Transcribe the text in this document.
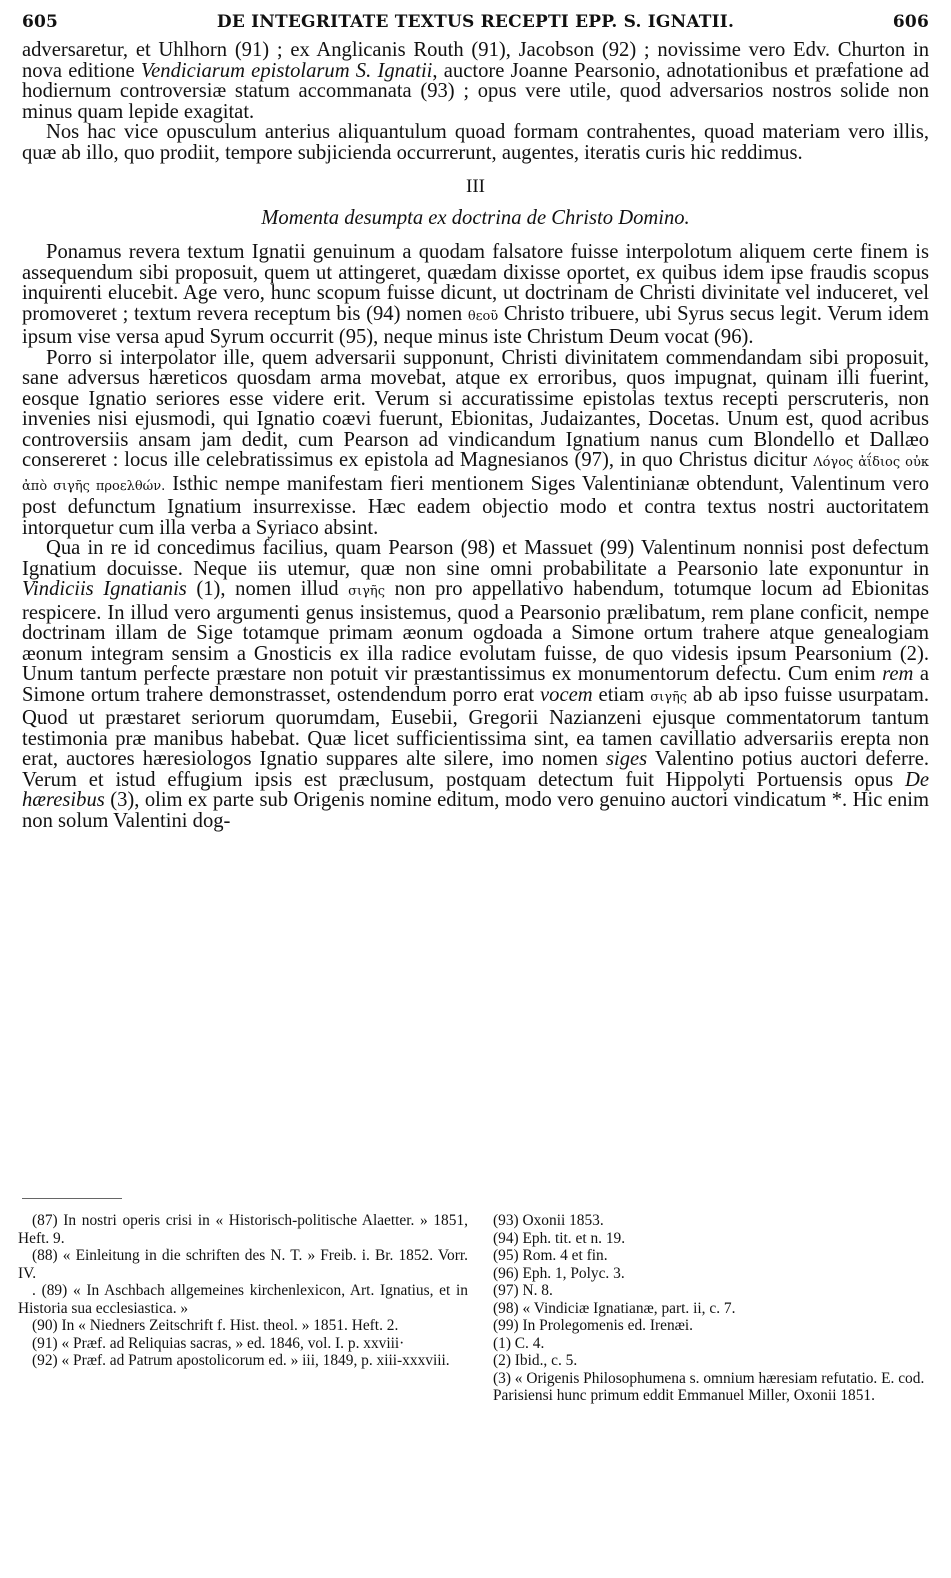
605	DE INTEGRITATE TEXTUS RECEPTI EPP. S. IGNATII.	606

adversaretur, et Uhlhorn (91) ; ex Anglicanis Routh (91), Jacobson (92) ; novissime vero Edv. Churton in nova editione Vendiciarum epistolarum S. Ignatii, auctore Joanne Pearsonio, adnotationibus et præfatione ad hodiernum controversiæ statum accommanata (93) ; opus vere utile, quod adversarios nostros solide non minus quam lepide exagitat.

Nos hac vice opusculum anterius aliquantulum quoad formam contrahentes, quoad materiam vero illis, quæ ab illo, quo prodiit, tempore subjicienda occurrerunt, augentes, iteratis curis hic reddimus.

III
Momenta desumpta ex doctrina de Christo Domino.

Ponamus revera textum Ignatii genuinum a quodam falsatore fuisse interpolotum aliquem certe finem is assequendum sibi proposuit, quem ut attingeret, quædam dixisse oportet, ex quibus idem ipse fraudis scopus inquirenti elucebit. Age vero, hunc scopum fuisse dicunt, ut doctrinam de Christi divinitate vel induceret, vel promoveret ; textum revera receptum bis (94) nomen θεοῦ Christo tribuere, ubi Syrus secus legit. Verum idem ipsum vise versa apud Syrum occurrit (95), neque minus iste Christum Deum vocat (96).

Porro si interpolator ille, quem adversarii supponunt, Christi divinitatem commendandam sibi proposuit, sane adversus hæreticos quosdam arma movebat, atque ex erroribus, quos impugnat, quinam illi fuerint, eosque Ignatio seriores esse videre erit. Verum si accuratissime epistolas textus recepti perscruteris, non invenies nisi ejusmodi, qui Ignatio coævi fuerunt, Ebionitas, Judaizantes, Docetas. Unum est, quod acribus controversiis ansam jam dedit, cum Pearson ad vindicandum Ignatium nanus cum Blondello et Dallæo consereret : locus ille celebratissimus ex epistola ad Magnesianos (97), in quo Christus dicitur Λόγος ἀΐδιος οὐκ ἀπὸ σιγῆς προελθών. Isthic nempe manifestam fieri mentionem Siges Valentinianæ obtendunt, Valentinum vero post defunctum Ignatium insurrexisse. Hæc eadem objectio modo et contra textus nostri auctoritatem intorquetur cum illa verba a Syriaco absint.

Qua in re id concedimus facilius, quam Pearson (98) et Massuet (99) Valentinum nonnisi post defectum Ignatium docuisse. Neque iis utemur, quæ non sine omni probabilitate a Pearsonio late exponuntur in Vindiciis Ignatianis (1), nomen illud σιγῆς non pro appellativo habendum, totumque locum ad Ebionitas respicere. In illud vero argumenti genus insistemus, quod a Pearsonio prælibatum, rem plane conficit, nempe doctrinam illam de Sige totamque primam æonum ogdoada a Simone ortum trahere atque genealogiam æonum integram sensim a Gnosticis ex illa radice evolutam fuisse, de quo videsis ipsum Pearsonium (2). Unum tantum perfecte præstare non potuit vir præstantissimus ex monumentorum defectu. Cum enim rem a Simone ortum trahere demonstrasset, ostendendum porro erat vocem etiam σιγῆς ab ab ipso fuisse usurpatam. Quod ut præstaret seriorum quorumdam, Eusebii, Gregorii Nazianzeni ejusque commentatorum tantum testimonia præ manibus habebat. Quæ licet sufficientissima sint, ea tamen cavillatio adversariis erepta non erat, auctores hæresiologos Ignatio suppares alte silere, imo nomen siges Valentino potius auctori deferre. Verum et istud effugium ipsis est præclusum, postquam detectum fuit Hippolyti Portuensis opus De hæresibus (3), olim ex parte sub Origenis nomine editum, modo vero genuino auctori vindicatum *. Hic enim non solum Valentini dog-

(87) In nostri operis crisi in « Historisch-politische Alaetter. » 1851, Heft. 9.

(88) « Einleitung in die schriften des N. T. » Freib. i. Br. 1852. Vorr. IV.

. (89) « In Aschbach allgemeines kirchenlexicon, Art. Ignatius, et in Historia sua ecclesiastica. »

(90) In « Niedners Zeitschrift f. Hist. theol. » 1851. Heft. 2.

(91) « Præf. ad Reliquias sacras, » ed. 1846, vol. I. p. xxviii·

(92) « Præf. ad Patrum apostolicorum ed. » iii, 1849, p. xiii-xxxviii.

(93) Oxonii 1853.

(94) Eph. tit. et n. 19.

(95) Rom. 4 et fin.

(96) Eph. 1, Polyc. 3.

(97) N. 8.

(98) « Vindiciæ Ignatianæ, part. ii, c. 7.

(99) In Prolegomenis ed. Irenæi.

(1) C. 4.

(2) Ibid., c. 5.

(3) « Origenis Philosophumena s. omnium hæresiam refutatio. E. cod. Parisiensi hunc primum eddit Emmanuel Miller, Oxonii 1851.
